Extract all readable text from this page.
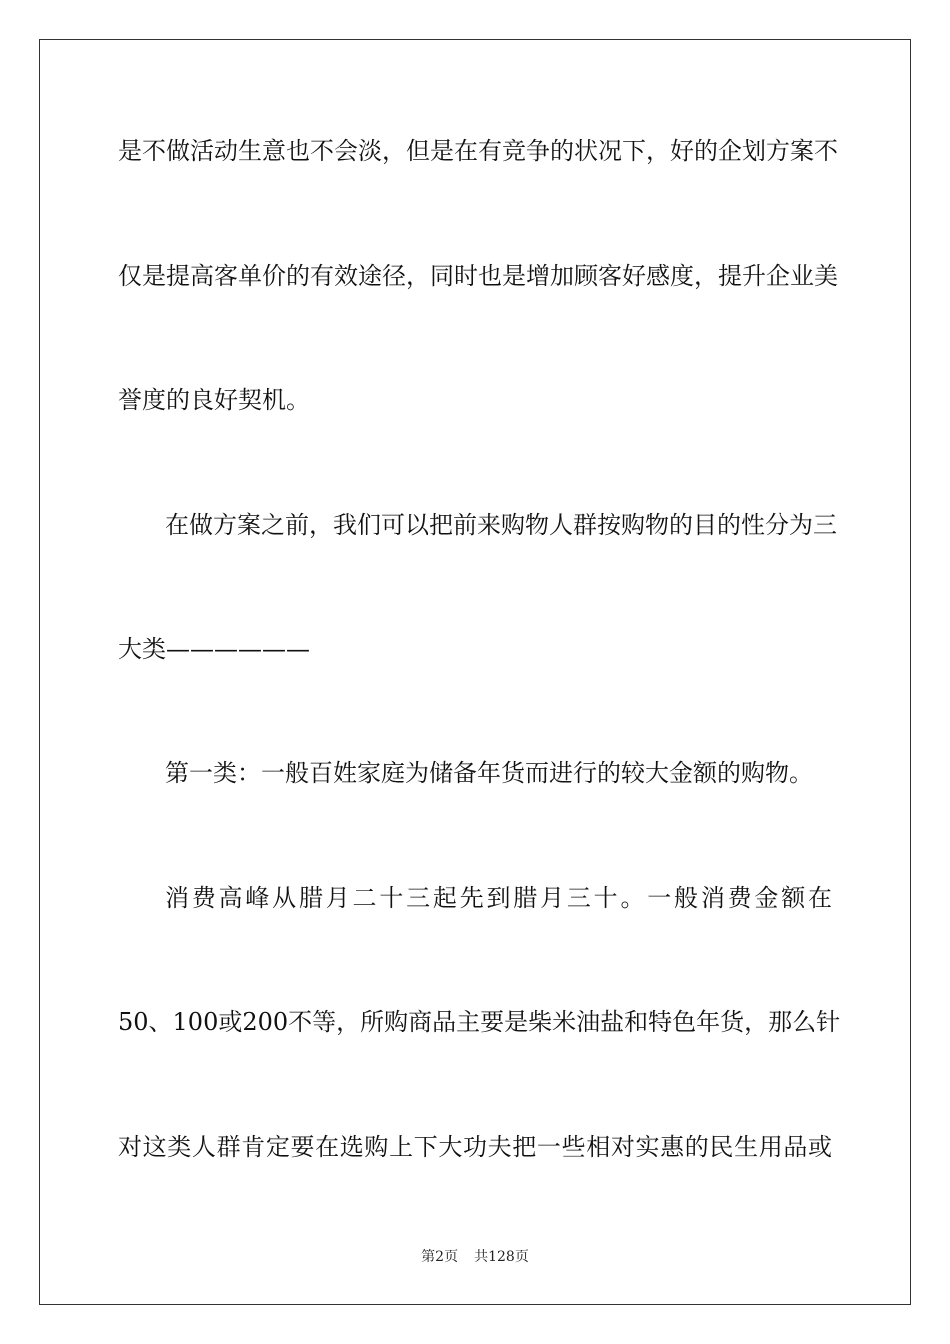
是不做活动生意也不会淡，但是在有竞争的状况下，好的企划方案不
仅是提高客单价的有效途径，同时也是增加顾客好感度，提升企业美
誉度的良好契机。
在做方案之前，我们可以把前来购物人群按购物的目的性分为三
大类——————
第一类：一般百姓家庭为储备年货而进行的较大金额的购物。
消费高峰从腊月二十三起先到腊月三十。一般消费金额在
50、100或200不等，所购商品主要是柴米油盐和特色年货，那么针
对这类人群肯定要在选购上下大功夫把一些相对实惠的民生用品或
第2页 共128页
